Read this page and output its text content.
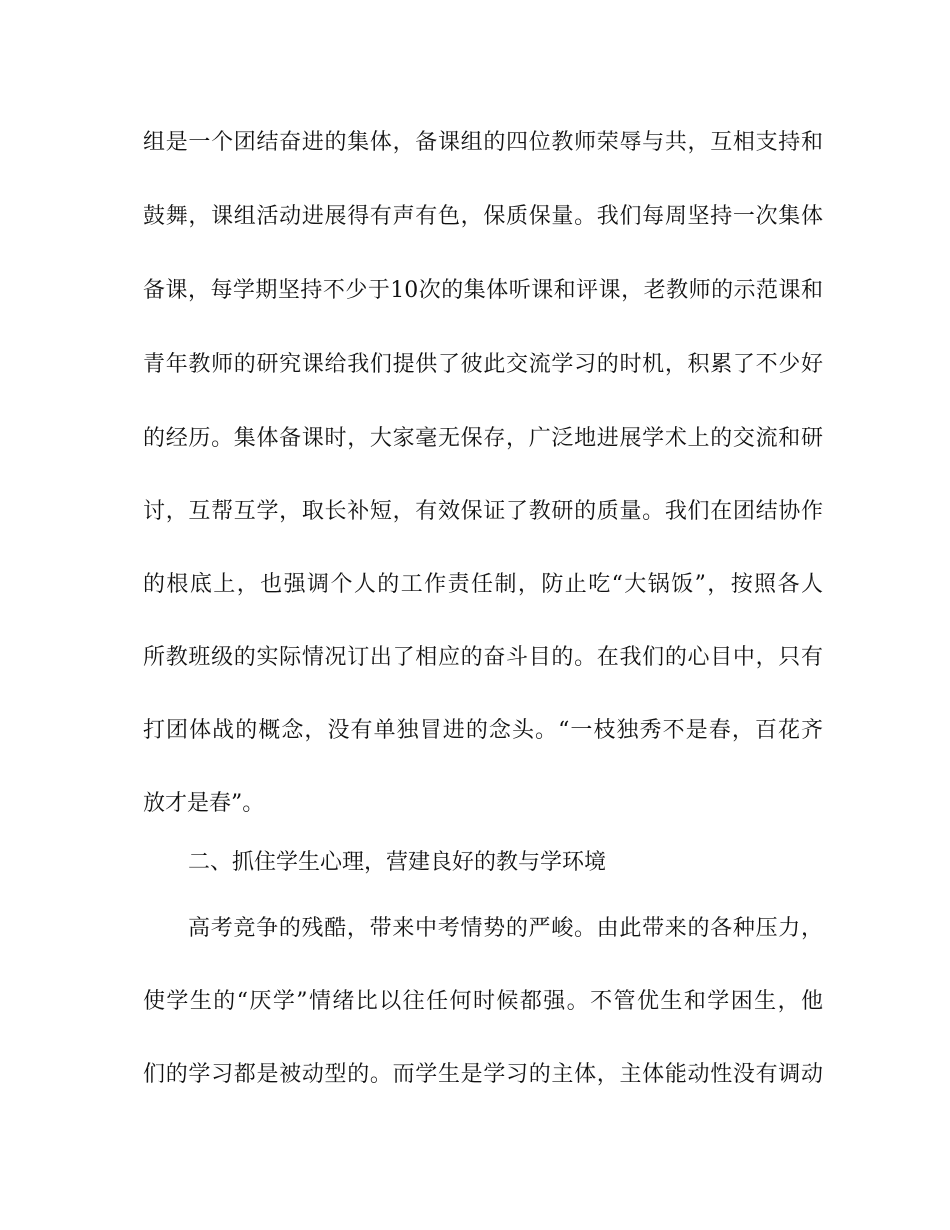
组是一个团结奋进的集体，备课组的四位教师荣辱与共，互相支持和
鼓舞，课组活动进展得有声有色，保质保量。我们每周坚持一次集体
备课，每学期坚持不少于10次的集体听课和评课，老教师的示范课和
青年教师的研究课给我们提供了彼此交流学习的时机，积累了不少好
的经历。集体备课时，大家毫无保存，广泛地进展学术上的交流和研
讨，互帮互学，取长补短，有效保证了教研的质量。我们在团结协作
的根底上，也强调个人的工作责任制，防止吃“大锅饭”，按照各人
所教班级的实际情况订出了相应的奋斗目的。在我们的心目中，只有
打团体战的概念，没有单独冒进的念头。“一枝独秀不是春，百花齐
放才是春”。
二、抓住学生心理，营建良好的教与学环境
高考竞争的残酷，带来中考情势的严峻。由此带来的各种压力，
使学生的“厌学”情绪比以往任何时候都强。不管优生和学困生，他
们的学习都是被动型的。而学生是学习的主体，主体能动性没有调动
